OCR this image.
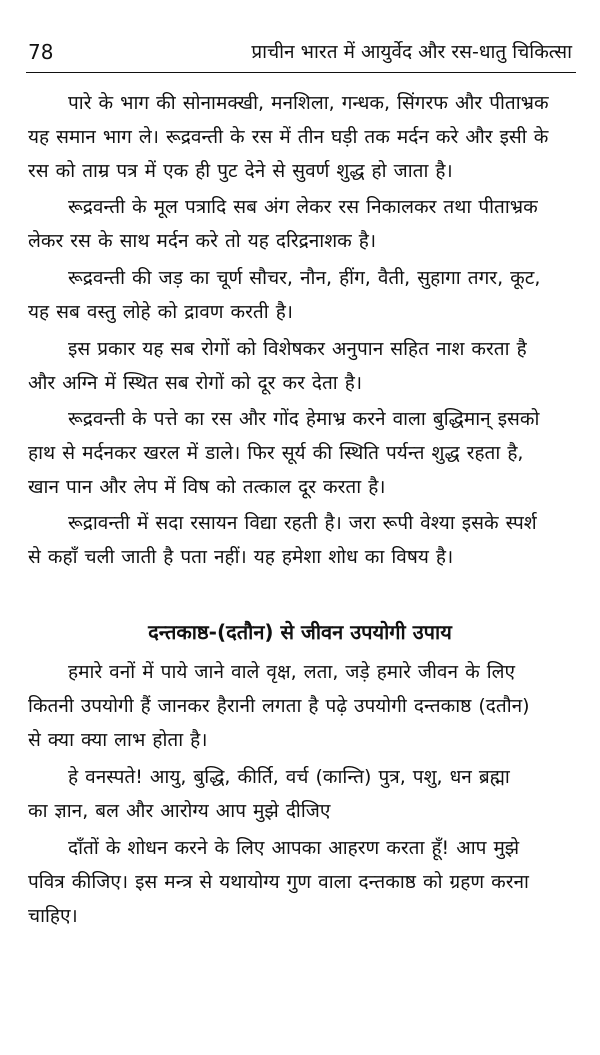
78	प्राचीन भारत में आयुर्वेद और रस-धातु चिकित्सा

पारे के भाग की सोनामक्खी, मनशिला, गन्धक, सिंगरफ और पीताभ्रक
यह समान भाग ले। रूद्रवन्ती के रस में तीन घड़ी तक मर्दन करे और इसी के
रस को ताम्र पत्र में एक ही पुट देने से सुवर्ण शुद्ध हो जाता है।

रूद्रवन्ती के मूल पत्रादि सब अंग लेकर रस निकालकर तथा पीताभ्रक
लेकर रस के साथ मर्दन करे तो यह दरिद्रनाशक है।

रूद्रवन्ती की जड़ का चूर्ण सौचर, नौन, हींग, वैती, सुहागा तगर, कूट,
यह सब वस्तु लोहे को द्रावण करती है।

इस प्रकार यह सब रोगों को विशेषकर अनुपान सहित नाश करता है
और अग्नि में स्थित सब रोगों को दूर कर देता है।

रूद्रवन्ती के पत्ते का रस और गोंद हेमाभ्र करने वाला बुद्धिमान् इसको
हाथ से मर्दनकर खरल में डाले। फिर सूर्य की स्थिति पर्यन्त शुद्ध रहता है,
खान पान और लेप में विष को तत्काल दूर करता है।

रूद्रावन्ती में सदा रसायन विद्या रहती है। जरा रूपी वेश्या इसके स्पर्श
से कहाँ चली जाती है पता नहीं। यह हमेशा शोध का विषय है।

दन्तकाष्ठ-(दतौन) से जीवन उपयोगी उपाय

हमारे वनों में पाये जाने वाले वृक्ष, लता, जड़े हमारे जीवन के लिए
कितनी उपयोगी हैं जानकर हैरानी लगता है पढ़े उपयोगी दन्तकाष्ठ (दतौन)
से क्या क्या लाभ होता है।

हे वनस्पते! आयु, बुद्धि, कीर्ति, वर्च (कान्ति) पुत्र, पशु, धन ब्रह्मा
का ज्ञान, बल और आरोग्य आप मुझे दीजिए

दाँतों के शोधन करने के लिए आपका आहरण करता हूँ! आप मुझे
पवित्र कीजिए। इस मन्त्र से यथायोग्य गुण वाला दन्तकाष्ठ को ग्रहण करना
चाहिए।
